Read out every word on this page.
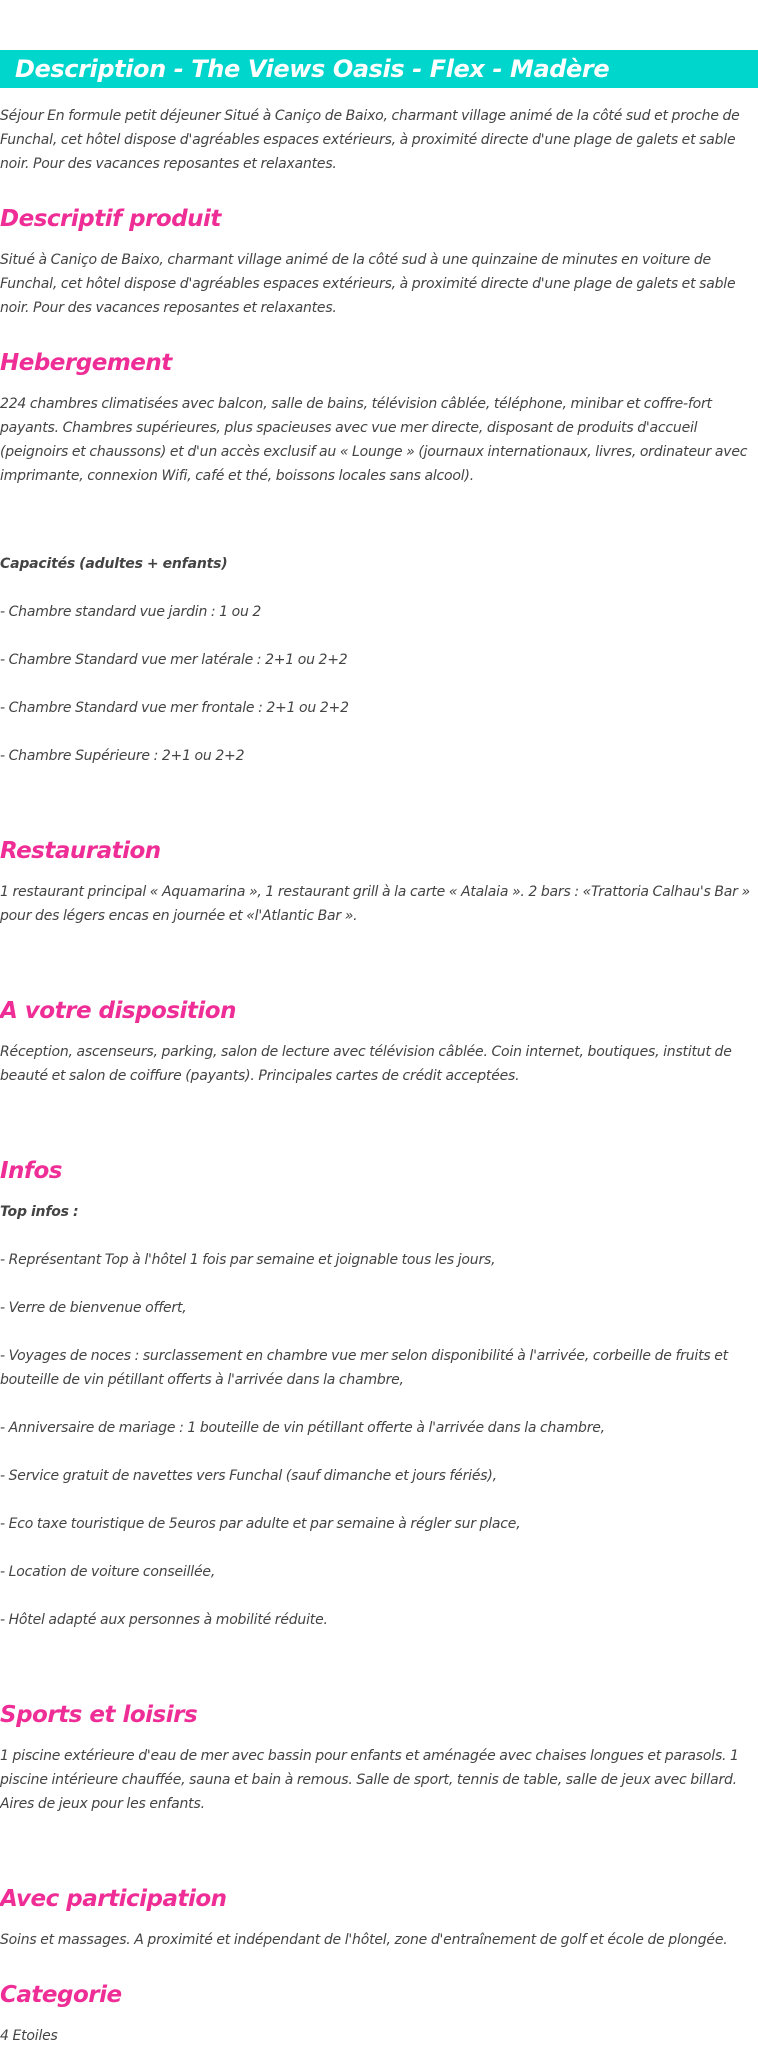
Description - The Views Oasis - Flex - Madère

Séjour En formule petit déjeuner Situé à Caniço de Baixo, charmant village animé de la côté sud et proche de Funchal, cet hôtel dispose d'agréables espaces extérieurs, à proximité directe d'une plage de galets et sable noir. Pour des vacances reposantes et relaxantes.

Descriptif produit

Situé à Caniço de Baixo, charmant village animé de la côté sud à une quinzaine de minutes en voiture de Funchal, cet hôtel dispose d'agréables espaces extérieurs, à proximité directe d'une plage de galets et sable noir. Pour des vacances reposantes et relaxantes.

Hebergement

224 chambres climatisées avec balcon, salle de bains, télévision câblée, téléphone, minibar et coffre-fort payants. Chambres supérieures, plus spacieuses avec vue mer directe, disposant de produits d'accueil (peignoirs et chaussons) et d'un accès exclusif au « Lounge » (journaux internationaux, livres, ordinateur avec imprimante, connexion Wifi, café et thé, boissons locales sans alcool).

Capacités (adultes + enfants)
- Chambre standard vue jardin : 1 ou 2
- Chambre Standard vue mer latérale : 2+1 ou 2+2
- Chambre Standard vue mer frontale : 2+1 ou 2+2
- Chambre Supérieure : 2+1 ou 2+2
Restauration

1 restaurant principal « Aquamarina », 1 restaurant grill à la carte « Atalaia ». 2 bars : «Trattoria Calhau's Bar » pour des légers encas en journée et «l'Atlantic Bar ».

A votre disposition

Réception, ascenseurs, parking, salon de lecture avec télévision câblée. Coin internet, boutiques, institut de beauté et salon de coiffure (payants). Principales cartes de crédit acceptées.

Infos
Top infos :
- Représentant Top à l'hôtel 1 fois par semaine et joignable tous les jours,
- Verre de bienvenue offert,
- Voyages de noces : surclassement en chambre vue mer selon disponibilité à l'arrivée, corbeille de fruits et bouteille de vin pétillant offerts à l'arrivée dans la chambre,
- Anniversaire de mariage : 1 bouteille de vin pétillant offerte à l'arrivée dans la chambre,
- Service gratuit de navettes vers Funchal (sauf dimanche et jours fériés),
- Eco taxe touristique de 5euros par adulte et par semaine à régler sur place,
- Location de voiture conseillée,
- Hôtel adapté aux personnes à mobilité réduite.
Sports et loisirs

1 piscine extérieure d'eau de mer avec bassin pour enfants et aménagée avec chaises longues et parasols. 1 piscine intérieure chauffée, sauna et bain à remous. Salle de sport, tennis de table, salle de jeux avec billard. Aires de jeux pour les enfants.

Avec participation

Soins et massages. A proximité et indépendant de l'hôtel, zone d'entraînement de golf et école de plongée.

Categorie

4 Etoiles
